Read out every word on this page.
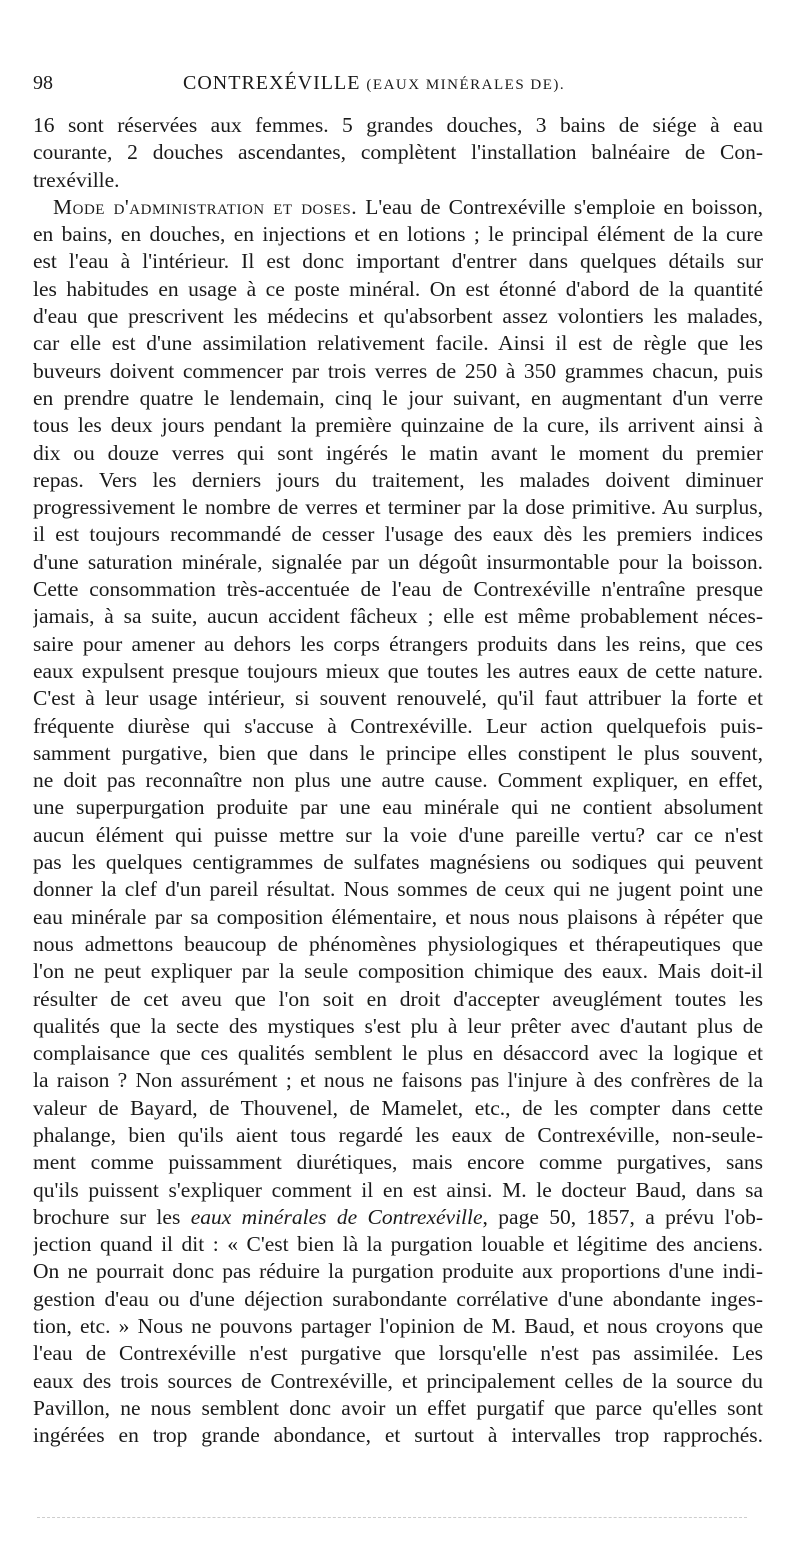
98	CONTREXÉVILLE (EAUX MINÉRALES DE).
16 sont réservées aux femmes. 5 grandes douches, 3 bains de siége à eau
courante, 2 douches ascendantes, complètent l'installation balnéaire de Con-
trexéville.
Mode d'administration et doses. L'eau de Contrexéville s'emploie en boisson,
en bains, en douches, en injections et en lotions ; le principal élément de la cure
est l'eau à l'intérieur. Il est donc important d'entrer dans quelques détails sur
les habitudes en usage à ce poste minéral. On est étonné d'abord de la quantité
d'eau que prescrivent les médecins et qu'absorbent assez volontiers les malades,
car elle est d'une assimilation relativement facile. Ainsi il est de règle que les
buveurs doivent commencer par trois verres de 250 à 350 grammes chacun, puis
en prendre quatre le lendemain, cinq le jour suivant, en augmentant d'un verre
tous les deux jours pendant la première quinzaine de la cure, ils arrivent ainsi à
dix ou douze verres qui sont ingérés le matin avant le moment du premier
repas. Vers les derniers jours du traitement, les malades doivent diminuer
progressivement le nombre de verres et terminer par la dose primitive. Au surplus,
il est toujours recommandé de cesser l'usage des eaux dès les premiers indices
d'une saturation minérale, signalée par un dégoût insurmontable pour la boisson.
Cette consommation très-accentuée de l'eau de Contrexéville n'entraîne presque
jamais, à sa suite, aucun accident fâcheux ; elle est même probablement néces-
saire pour amener au dehors les corps étrangers produits dans les reins, que ces
eaux expulsent presque toujours mieux que toutes les autres eaux de cette nature.
C'est à leur usage intérieur, si souvent renouvelé, qu'il faut attribuer la forte et
fréquente diurèse qui s'accuse à Contrexéville. Leur action quelquefois puis-
samment purgative, bien que dans le principe elles constipent le plus souvent,
ne doit pas reconnaître non plus une autre cause. Comment expliquer, en effet,
une superpurgation produite par une eau minérale qui ne contient absolument
aucun élément qui puisse mettre sur la voie d'une pareille vertu? car ce n'est
pas les quelques centigrammes de sulfates magnésiens ou sodiques qui peuvent
donner la clef d'un pareil résultat. Nous sommes de ceux qui ne jugent point une
eau minérale par sa composition élémentaire, et nous nous plaisons à répéter que
nous admettons beaucoup de phénomènes physiologiques et thérapeutiques que
l'on ne peut expliquer par la seule composition chimique des eaux. Mais doit-il
résulter de cet aveu que l'on soit en droit d'accepter aveuglément toutes les
qualités que la secte des mystiques s'est plu à leur prêter avec d'autant plus de
complaisance que ces qualités semblent le plus en désaccord avec la logique et
la raison ? Non assurément ; et nous ne faisons pas l'injure à des confrères de la
valeur de Bayard, de Thouvenel, de Mamelet, etc., de les compter dans cette
phalange, bien qu'ils aient tous regardé les eaux de Contrexéville, non-seule-
ment comme puissamment diurétiques, mais encore comme purgatives, sans
qu'ils puissent s'expliquer comment il en est ainsi. M. le docteur Baud, dans sa
brochure sur les eaux minérales de Contrexéville, page 50, 1857, a prévu l'ob-
jection quand il dit : « C'est bien là la purgation louable et légitime des anciens.
On ne pourrait donc pas réduire la purgation produite aux proportions d'une indi-
gestion d'eau ou d'une déjection surabondante corrélative d'une abondante inges-
tion, etc. » Nous ne pouvons partager l'opinion de M. Baud, et nous croyons que
l'eau de Contrexéville n'est purgative que lorsqu'elle n'est pas assimilée. Les
eaux des trois sources de Contrexéville, et principalement celles de la source du
Pavillon, ne nous semblent donc avoir un effet purgatif que parce qu'elles sont
ingérées en trop grande abondance, et surtout à intervalles trop rapprochés.
